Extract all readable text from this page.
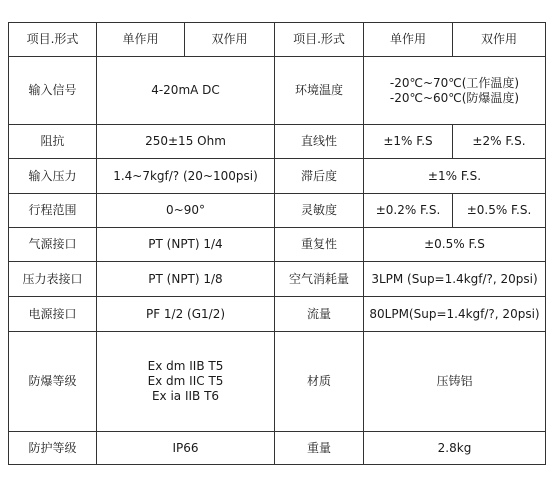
项目.形式	单作用	双作用	项目.形式	单作用	双作用
输入信号	4-20mA DC		环境温度	-20℃~70℃(工作温度)
-20℃~60℃(防爆温度)	

阻抗	250±15 Ohm		直线性	±1% F.S	±2% F.S.
输入压力	1.4~7kgf/? (20~100psi)		滞后度	±1% F.S.	
行程范围	0~90°		灵敏度	±0.2% F.S.	±0.5% F.S.
气源接口	PT (NPT) 1/4		重复性	±0.5% F.S	
压力表接口	PT (NPT) 1/8		空气消耗量	3LPM (Sup=1.4kgf/?, 20psi)	
电源接口	PF 1/2 (G1/2)		流量	80LPM(Sup=1.4kgf/?, 20psi)	
防爆等级	Ex dm IIB T5
Ex dm IIC T5
Ex ia IIB T6		材质	压铸铝	
防护等级	IP66		重量	2.8kg	
